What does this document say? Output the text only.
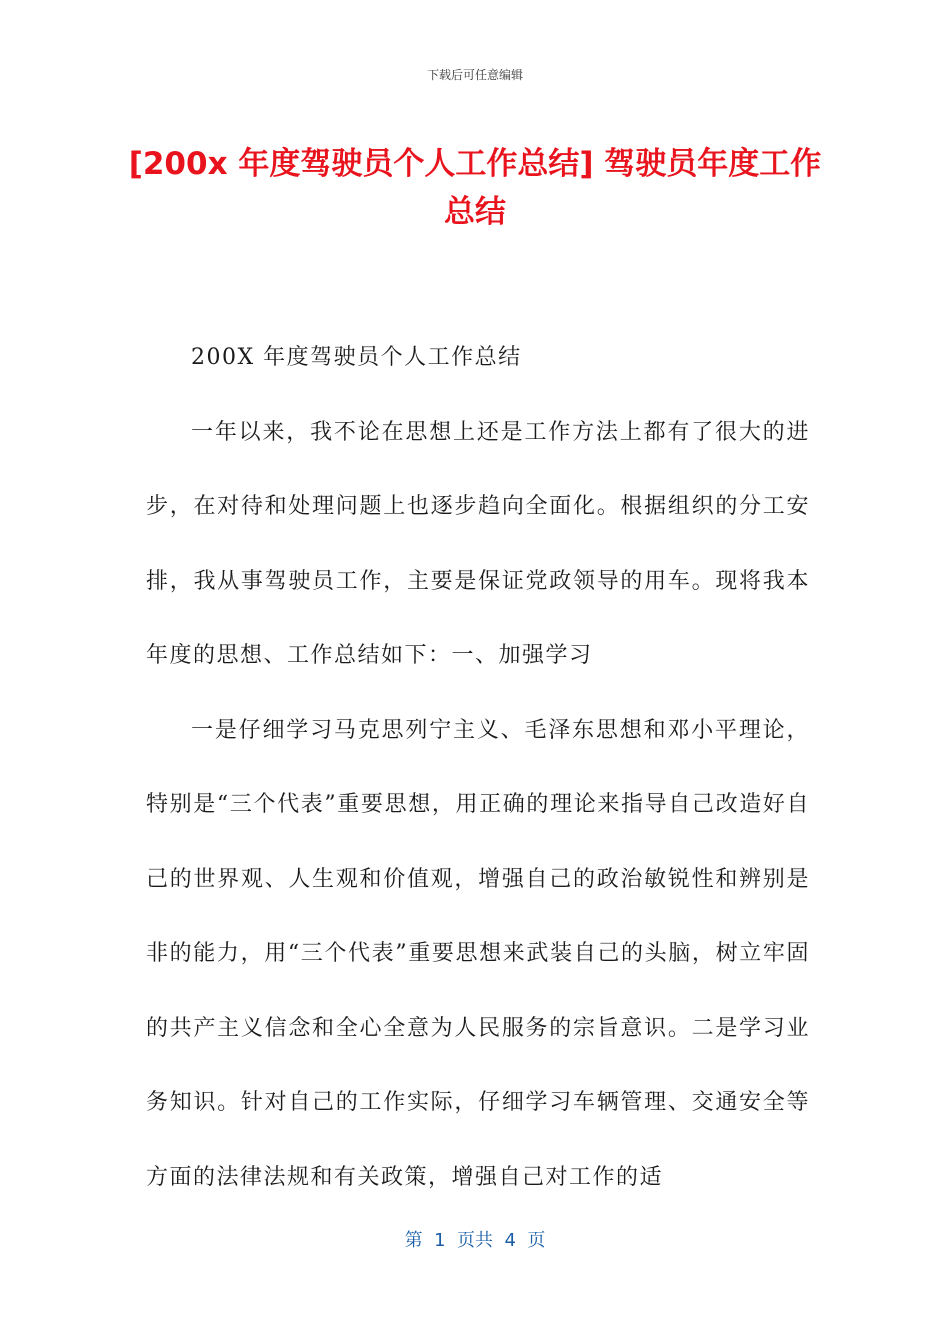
下载后可任意编辑
[200x 年度驾驶员个人工作总结] 驾驶员年度工作总结

200X 年度驾驶员个人工作总结

一年以来，我不论在思想上还是工作方法上都有了很大的进步，在对待和处理问题上也逐步趋向全面化。根据组织的分工安排，我从事驾驶员工作，主要是保证党政领导的用车。现将我本年度的思想、工作总结如下：一、加强学习

一是仔细学习马克思列宁主义、毛泽东思想和邓小平理论，特别是“三个代表”重要思想，用正确的理论来指导自己改造好自己的世界观、人生观和价值观，增强自己的政治敏锐性和辨别是非的能力，用“三个代表”重要思想来武装自己的头脑，树立牢固的共产主义信念和全心全意为人民服务的宗旨意识。二是学习业务知识。针对自己的工作实际，仔细学习车辆管理、交通安全等方面的法律法规和有关政策，增强自己对工作的适

第  1  页共  4  页
